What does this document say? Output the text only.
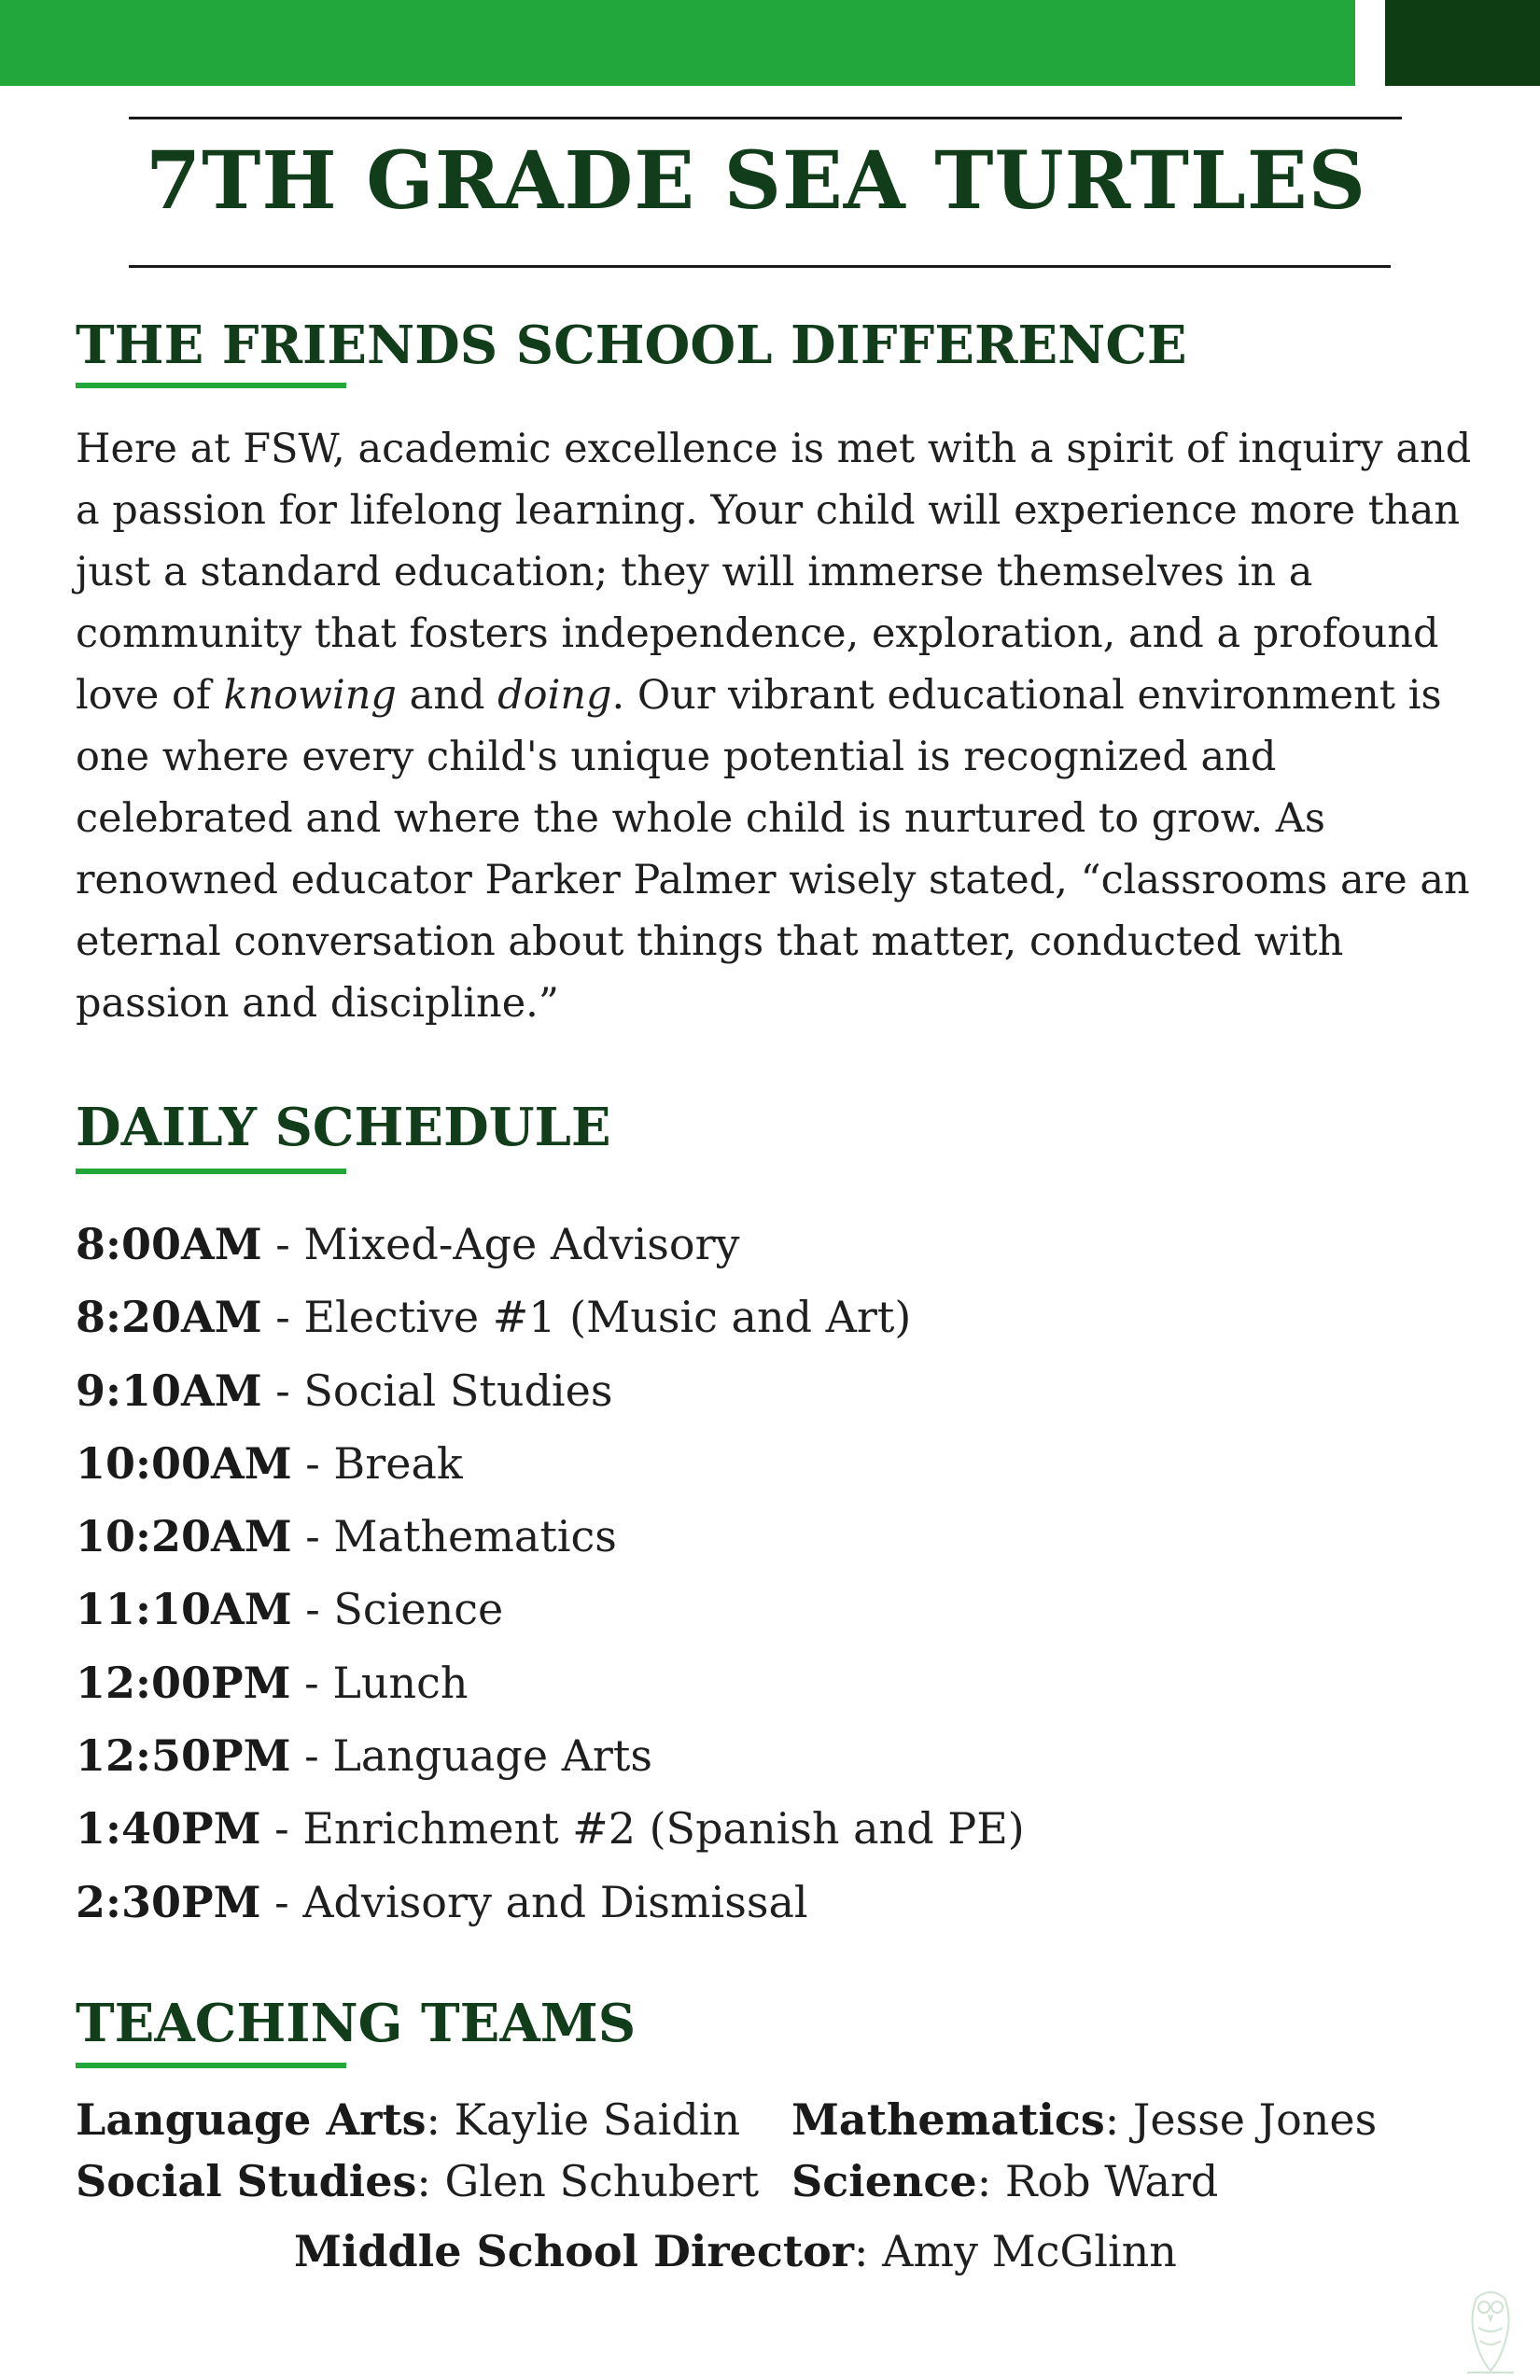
7TH GRADE SEA TURTLES
THE FRIENDS SCHOOL DIFFERENCE

Here at FSW, academic excellence is met with a spirit of inquiry and a passion for lifelong learning. Your child will experience more than just a standard education; they will immerse themselves in a community that fosters independence, exploration, and a profound love of knowing and doing. Our vibrant educational environment is one where every child's unique potential is recognized and celebrated and where the whole child is nurtured to grow. As renowned educator Parker Palmer wisely stated, “classrooms are an eternal conversation about things that matter, conducted with passion and discipline.”

DAILY SCHEDULE
8:00AM - Mixed-Age Advisory
8:20AM - Elective #1 (Music and Art)
9:10AM - Social Studies
10:00AM - Break
10:20AM - Mathematics
11:10AM - Science
12:00PM - Lunch
12:50PM - Language Arts
1:40PM - Enrichment #2 (Spanish and PE)
2:30PM - Advisory and Dismissal
TEACHING TEAMS
Language Arts: Kaylie Saidin Mathematics: Jesse Jones
Social Studies: Glen Schubert Science: Rob Ward
Middle School Director: Amy McGlinn
